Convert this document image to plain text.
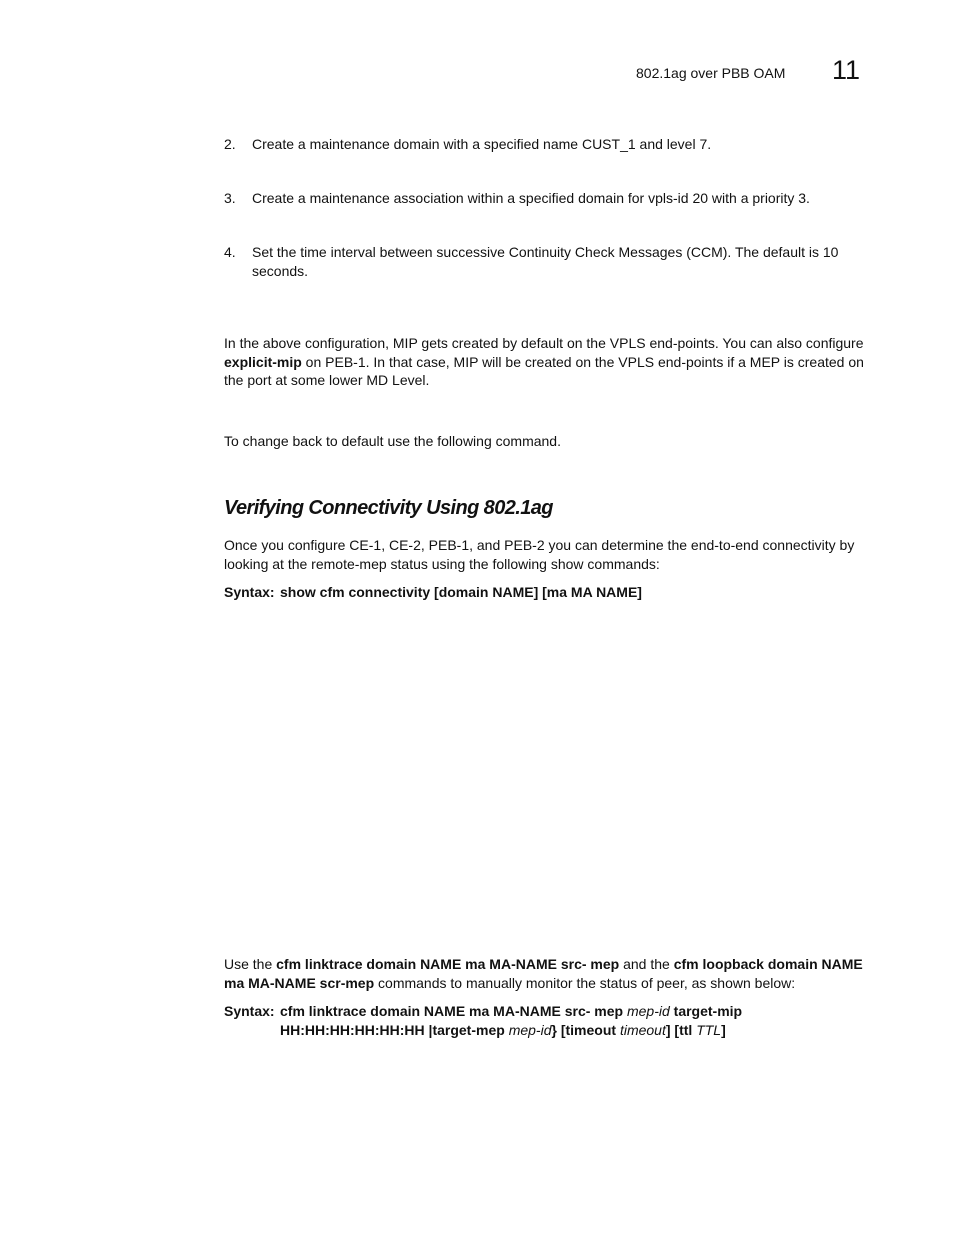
802.1ag over PBB OAM 11
2. Create a maintenance domain with a specified name CUST_1 and level 7.
3. Create a maintenance association within a specified domain for vpls-id 20 with a priority 3.
4. Set the time interval between successive Continuity Check Messages (CCM). The default is 10 seconds.
In the above configuration, MIP gets created by default on the VPLS end-points. You can also configure explicit-mip on PEB-1. In that case, MIP will be created on the VPLS end-points if a MEP is created on the port at some lower MD Level.
To change back to default use the following command.
Verifying Connectivity Using 802.1ag
Once you configure CE-1, CE-2, PEB-1, and PEB-2 you can determine the end-to-end connectivity by looking at the remote-mep status using the following show commands:
Syntax: show cfm connectivity [domain NAME] [ma MA NAME]
Use the cfm linktrace domain NAME ma MA-NAME src- mep and the cfm loopback domain NAME ma MA-NAME scr-mep commands to manually monitor the status of peer, as shown below:
Syntax: cfm linktrace domain NAME ma MA-NAME src- mep mep-id target-mip HH:HH:HH:HH:HH:HH |target-mep mep-id} [timeout timeout] [ttl TTL]
